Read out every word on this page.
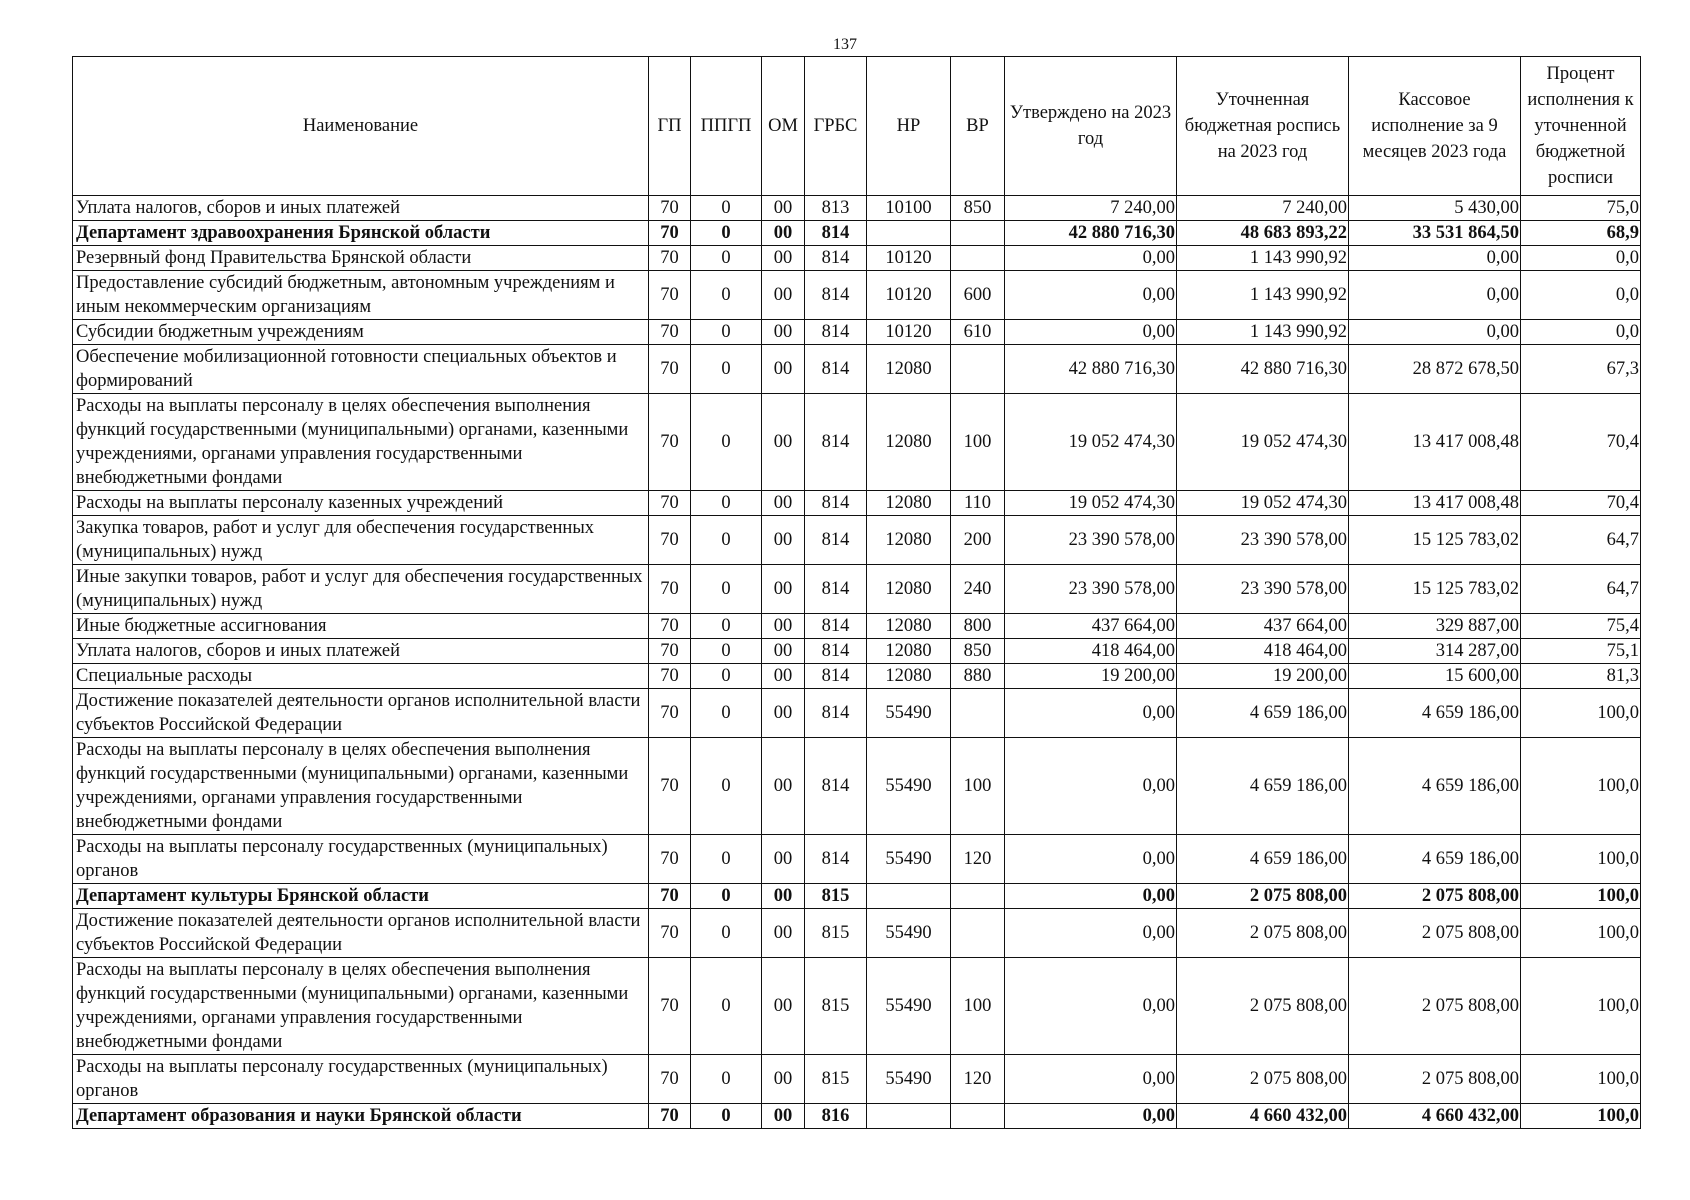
137
Наименование	ГП	ППГП	ОМ	ГРБС	НР	ВР	Утверждено на 2023 год	Уточненная бюджетная роспись на 2023 год	Кассовое исполнение за 9 месяцев 2023 года	Процент исполнения к уточненной бюджетной росписи
Уплата налогов, сборов и иных платежей	70	0	00	813	10100	850	7 240,00	7 240,00	5 430,00	75,0
Департамент здравоохранения Брянской области	70	0	00	814			42 880 716,30	48 683 893,22	33 531 864,50	68,9
Резервный фонд Правительства Брянской области	70	0	00	814	10120		0,00	1 143 990,92	0,00	0,0
Предоставление субсидий бюджетным, автономным учреждениям и иным некоммерческим организациям	70	0	00	814	10120	600	0,00	1 143 990,92	0,00	0,0
Субсидии бюджетным учреждениям	70	0	00	814	10120	610	0,00	1 143 990,92	0,00	0,0
Обеспечение мобилизационной готовности специальных объектов и формирований	70	0	00	814	12080		42 880 716,30	42 880 716,30	28 872 678,50	67,3
Расходы на выплаты персоналу в целях обеспечения выполнения функций государственными (муниципальными) органами, казенными учреждениями, органами управления государственными внебюджетными фондами	70	0	00	814	12080	100	19 052 474,30	19 052 474,30	13 417 008,48	70,4
Расходы на выплаты персоналу казенных учреждений	70	0	00	814	12080	110	19 052 474,30	19 052 474,30	13 417 008,48	70,4
Закупка товаров, работ и услуг для обеспечения государственных (муниципальных) нужд	70	0	00	814	12080	200	23 390 578,00	23 390 578,00	15 125 783,02	64,7
Иные закупки товаров, работ и услуг для обеспечения государственных (муниципальных) нужд	70	0	00	814	12080	240	23 390 578,00	23 390 578,00	15 125 783,02	64,7
Иные бюджетные ассигнования	70	0	00	814	12080	800	437 664,00	437 664,00	329 887,00	75,4
Уплата налогов, сборов и иных платежей	70	0	00	814	12080	850	418 464,00	418 464,00	314 287,00	75,1
Специальные расходы	70	0	00	814	12080	880	19 200,00	19 200,00	15 600,00	81,3
Достижение показателей деятельности органов исполнительной власти субъектов Российской Федерации	70	0	00	814	55490		0,00	4 659 186,00	4 659 186,00	100,0
Расходы на выплаты персоналу в целях обеспечения выполнения функций государственными (муниципальными) органами, казенными учреждениями, органами управления государственными внебюджетными фондами	70	0	00	814	55490	100	0,00	4 659 186,00	4 659 186,00	100,0
Расходы на выплаты персоналу государственных (муниципальных) органов	70	0	00	814	55490	120	0,00	4 659 186,00	4 659 186,00	100,0
Департамент культуры Брянской области	70	0	00	815			0,00	2 075 808,00	2 075 808,00	100,0
Достижение показателей деятельности органов исполнительной власти субъектов Российской Федерации	70	0	00	815	55490		0,00	2 075 808,00	2 075 808,00	100,0
Расходы на выплаты персоналу в целях обеспечения выполнения функций государственными (муниципальными) органами, казенными учреждениями, органами управления государственными внебюджетными фондами	70	0	00	815	55490	100	0,00	2 075 808,00	2 075 808,00	100,0
Расходы на выплаты персоналу государственных (муниципальных) органов	70	0	00	815	55490	120	0,00	2 075 808,00	2 075 808,00	100,0
Департамент образования и науки Брянской области	70	0	00	816			0,00	4 660 432,00	4 660 432,00	100,0
